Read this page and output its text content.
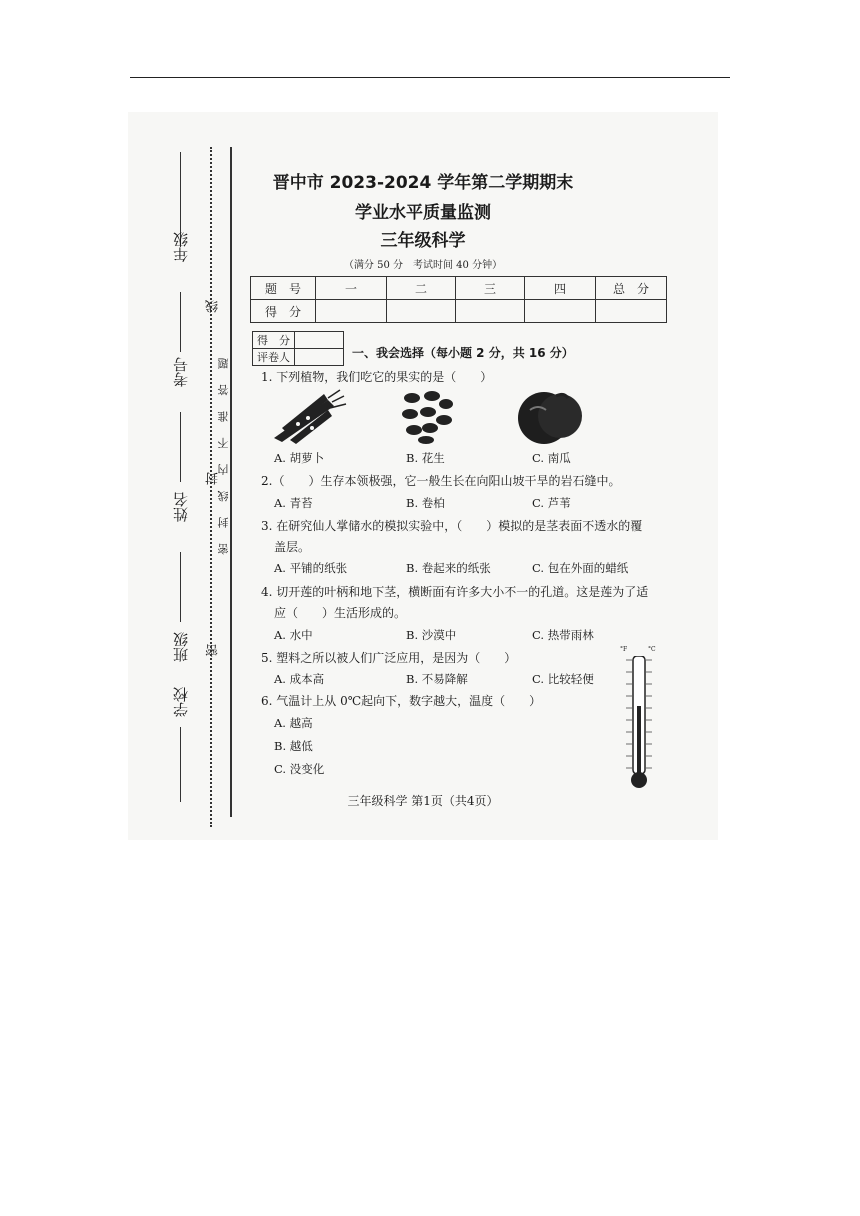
年级
考号
姓名
班级
学校
线
封
密
密 封 线 内 不 准 答 题
晋中市 2023-2024 学年第二学期期末
学业水平质量监测
三年级科学
（满分 50 分　考试时间 40 分钟）
题　号	一	二	三	四	总　分
得　分					
得　分	
评卷人		一、我会选择（每小题 2 分，共 16 分）
1. 下列植物，我们吃它的果实的是（　　）
A. 胡萝卜	B. 花生	C. 南瓜
2.（　　）生存本领极强，它一般生长在向阳山坡干旱的岩石缝中。
A. 青苔	B. 卷柏	C. 芦苇
3. 在研究仙人掌储水的模拟实验中，（　　）模拟的是茎表面不透水的覆
盖层。
A. 平铺的纸张	B. 卷起来的纸张	C. 包在外面的蜡纸
4. 切开莲的叶柄和地下茎，横断面有许多大小不一的孔道。这是莲为了适
应（　　）生活形成的。
A. 水中	B. 沙漠中	C. 热带雨林
5. 塑料之所以被人们广泛应用，是因为（　　）
A. 成本高	B. 不易降解	C. 比较轻便
6. 气温计上从 0℃起向下，数字越大，温度（　　）
A. 越高
B. 越低
C. 没变化
°F	°C
三年级科学 第1页（共4页）
